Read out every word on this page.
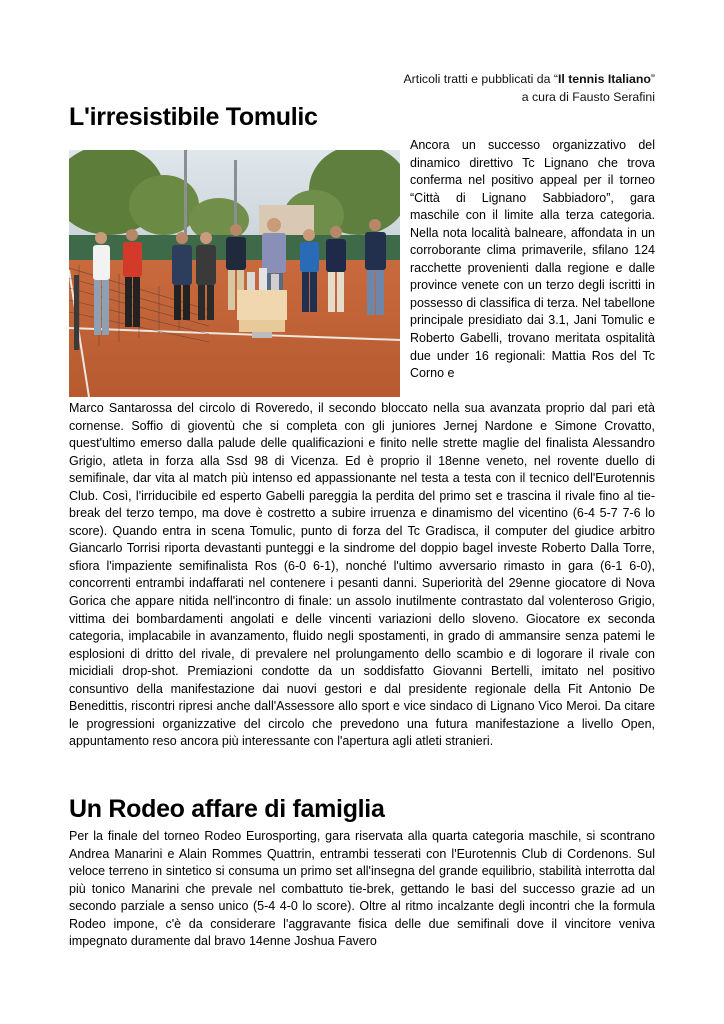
Articoli tratti e pubblicati da “Il tennis Italiano”
a cura di Fausto Serafini
L'irresistibile Tomulic

Ancora un successo organizzativo del dinamico direttivo Tc Lignano che trova conferma nel positivo appeal per il torneo “Città di Lignano Sabbiadoro”, gara maschile con il limite alla terza categoria. Nella nota località balneare, affondata in un corroborante clima primaverile, sfilano 124 racchette provenienti dalla regione e dalle province venete con un terzo degli iscritti in possesso di classifica di terza. Nel tabellone principale presidiato dai 3.1, Jani Tomulic e Roberto Gabelli, trovano meritata ospitalità due under 16 regionali: Mattia Ros del Tc Corno e

Marco Santarossa del circolo di Roveredo, il secondo bloccato nella sua avanzata proprio dal pari età cornense. Soffio di gioventù che si completa con gli juniores Jernej Nardone e Simone Crovatto, quest'ultimo emerso dalla palude delle qualificazioni e finito nelle strette maglie del finalista Alessandro Grigio, atleta in forza alla Ssd 98 di Vicenza. Ed è proprio il 18enne veneto, nel rovente duello di semifinale, dar vita al match più intenso ed appassionante nel testa a testa con il tecnico dell'Eurotennis Club. Così, l'irriducibile ed esperto Gabelli pareggia la perdita del primo set e trascina il rivale fino al tie-break del terzo tempo, ma dove è costretto a subire irruenza e dinamismo del vicentino (6-4 5-7 7-6 lo score). Quando entra in scena Tomulic, punto di forza del Tc Gradisca, il computer del giudice arbitro Giancarlo Torrisi riporta devastanti punteggi e la sindrome del doppio bagel investe Roberto Dalla Torre, sfiora l'impaziente semifinalista Ros (6-0 6-1), nonché l'ultimo avversario rimasto in gara (6-1 6-0), concorrenti entrambi indaffarati nel contenere i pesanti danni. Superiorità del 29enne giocatore di Nova Gorica che appare nitida nell'incontro di finale: un assolo inutilmente contrastato dal volenteroso Grigio, vittima dei bombardamenti angolati e delle vincenti variazioni dello sloveno. Giocatore ex seconda categoria, implacabile in avanzamento, fluido negli spostamenti, in grado di ammansire senza patemi le esplosioni di dritto del rivale, di prevalere nel prolungamento dello scambio e di logorare il rivale con micidiali drop-shot. Premiazioni condotte da un soddisfatto Giovanni Bertelli, imitato nel positivo consuntivo della manifestazione dai nuovi gestori e dal presidente regionale della Fit Antonio De Benedittis, riscontri ripresi anche dall'Assessore allo sport e vice sindaco di Lignano Vico Meroi. Da citare le progressioni organizzative del circolo che prevedono una futura manifestazione a livello Open, appuntamento reso ancora più interessante con l'apertura agli atleti stranieri.

Un Rodeo affare di famiglia

Per la finale del torneo Rodeo Eurosporting, gara riservata alla quarta categoria maschile, si scontrano Andrea Manarini e Alain Rommes Quattrin, entrambi tesserati con l'Eurotennis Club di Cordenons. Sul veloce terreno in sintetico si consuma un primo set all'insegna del grande equilibrio, stabilità interrotta dal più tonico Manarini che prevale nel combattuto tie-brek, gettando le basi del successo grazie ad un secondo parziale a senso unico (5-4 4-0 lo score). Oltre al ritmo incalzante degli incontri che la formula Rodeo impone, c'è da considerare l'aggravante fisica delle due semifinali dove il vincitore veniva impegnato duramente dal bravo 14enne Joshua Favero
